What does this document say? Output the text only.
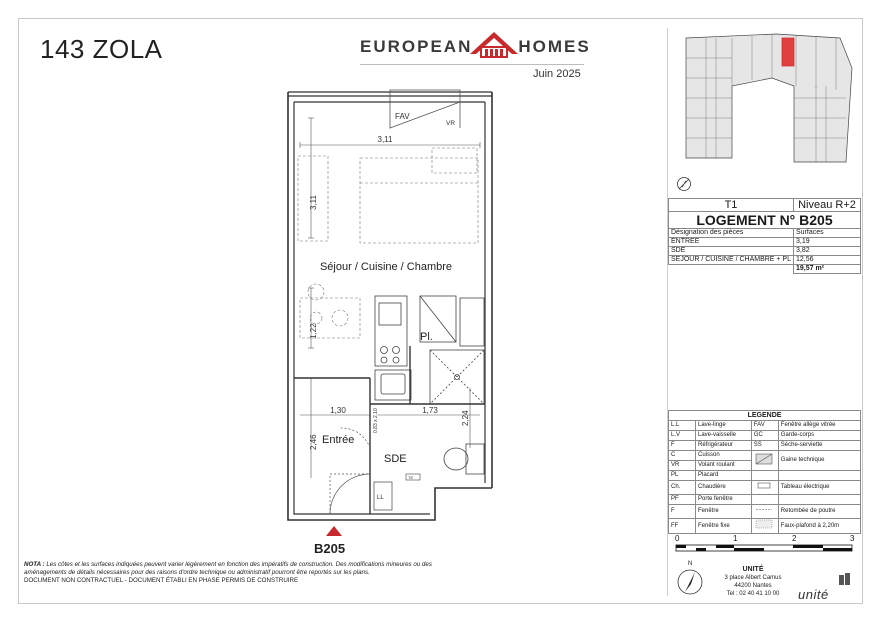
143 ZOLA	EUROPEAN	HOMES
Juin 2025
FAV
VR
3,11
3,11
1,22
2,46
1,30	1,73	2,24
0,83 x 2,10
Pl.
LL
TE
Séjour / Cuisine / Chambre
Entrée
SDE
B205
T1	Niveau R+2
LOGEMENT N° B205	
Désignation des pièces	Surfaces
ENTREE	3,19
SDE	3,82
SEJOUR / CUISINE / CHAMBRE + PL	12,56
	19,57 m²
LEGENDE			
L.L	Lave-linge	FAV	Fenêtre allège vitrée
L.V	Lave-vaisselle	GC	Garde-corps
F	Réfrigérateur	SS	Sèche-serviette
C	Cuisson		Gaine technique
VR	Volant roulant		
PL	Placard		
Ch.	Chaudière		Tableau électrique
PF	Porte fenêtre		
F	Fenêtre		Retombée de poutre
FF	Fenêtre fixe		Faux-plafond à 2,20m
0	1	2	3
NOTA : Les côtes et les surfaces indiquées peuvent varier légèrement en fonction des impératifs de construction. Des modifications mineures ou des aménagements de détails nécessaires pour des raisons d'ordre technique ou administratif pourront être reportés sur les plans.
DOCUMENT NON CONTRACTUEL - DOCUMENT ÉTABLI EN PHASE PERMIS DE CONSTRUIRE
N
UNITÉ
3 place Albert Camus
44200 Nantes
Tel : 02 40 41 10 00	unité
